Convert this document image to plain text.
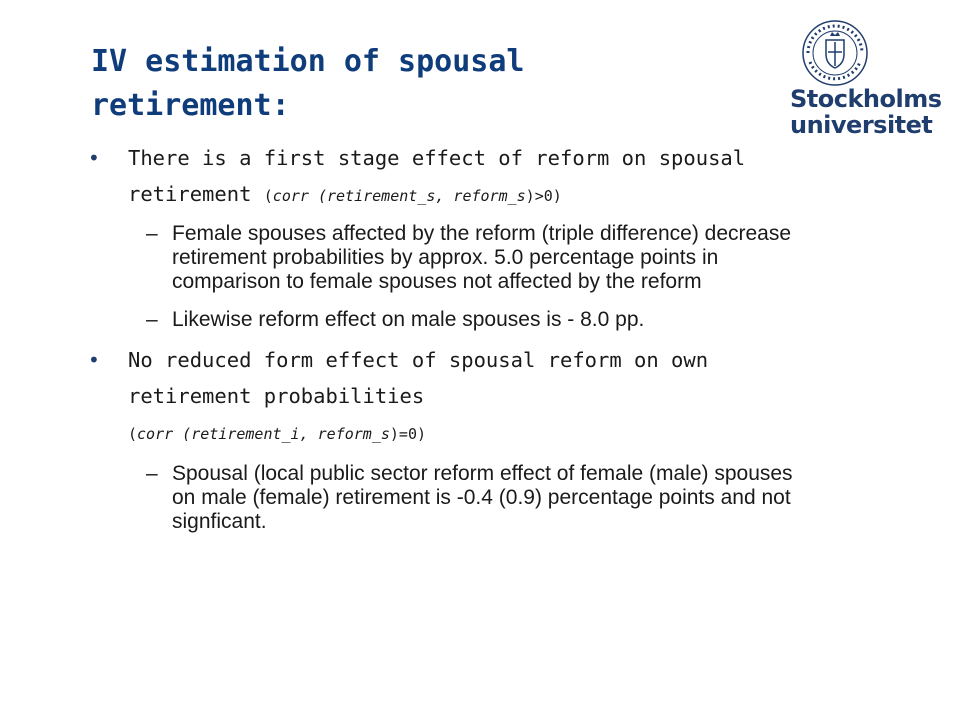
IV estimation of spousal retirement:	Stockholms
universitet
• There is a first stage effect of reform on spousal retirement (corr (retirement_s, reform_s)>0)
– Female spouses affected by the reform (triple difference) decrease retirement probabilities by approx. 5.0 percentage points in comparison to female spouses not affected by the reform
– Likewise reform effect on male spouses is - 8.0 pp.
• No reduced form effect of spousal reform on own retirement probabilities
(corr (retirement_i, reform_s)=0)
– Spousal (local public sector reform effect of female (male) spouses on male (female) retirement is -0.4 (0.9) percentage points and not signficant.
